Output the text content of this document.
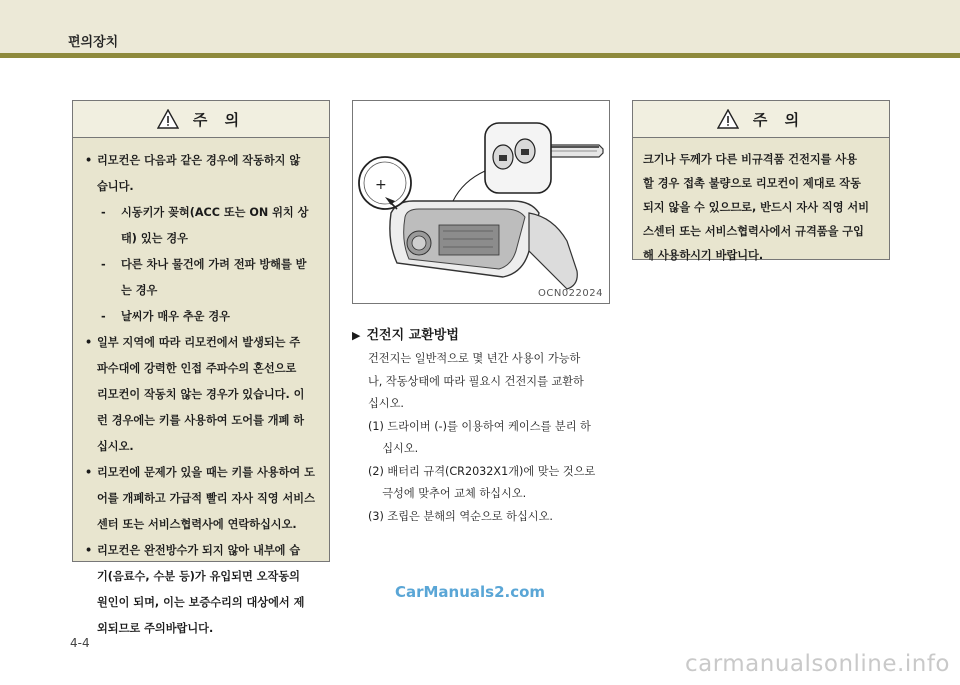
편의장치
주 의
• 리모컨은 다음과 같은 경우에 작동하지 않
습니다.
- 시동키가 꽂혀(ACC 또는 ON 위치 상
태) 있는 경우
- 다른 차나 물건에 가려 전파 방해를 받
는 경우
- 날씨가 매우 추운 경우
• 일부 지역에 따라 리모컨에서 발생되는 주
파수대에 강력한 인접 주파수의 혼선으로
리모컨이 작동치 않는 경우가 있습니다. 이
런 경우에는 키를 사용하여 도어를 개폐 하
십시오.
• 리모컨에 문제가 있을 때는 키를 사용하여 도
어를 개폐하고 가급적 빨리 자사 직영 서비스
센터 또는 서비스협력사에 연락하십시오.
• 리모컨은 완전방수가 되지 않아 내부에 습
기(음료수, 수분 등)가 유입되면 오작동의
원인이 되며, 이는 보증수리의 대상에서 제
외되므로 주의바랍니다.
+
OCN022024
▶ 건전지 교환방법
건전지는 일반적으로 몇 년간 사용이 가능하
나, 작동상태에 따라 필요시 건전지를 교환하
십시오.
(1) 드라이버 (-)를 이용하여 케이스를 분리 하
십시오.
(2) 배터리 규격(CR2032X1개)에 맞는 것으로
극성에 맞추어 교체 하십시오.
(3) 조립은 분해의 역순으로 하십시오.
주 의
크기나 두께가 다른 비규격품 건전지를 사용
할 경우 접촉 불량으로 리모컨이 제대로 작동
되지 않을 수 있으므로, 반드시 자사 직영 서비
스센터 또는 서비스협력사에서 규격품을 구입
해 사용하시기 바랍니다.
CarManuals2.com
4-4
carmanualsonline.info
